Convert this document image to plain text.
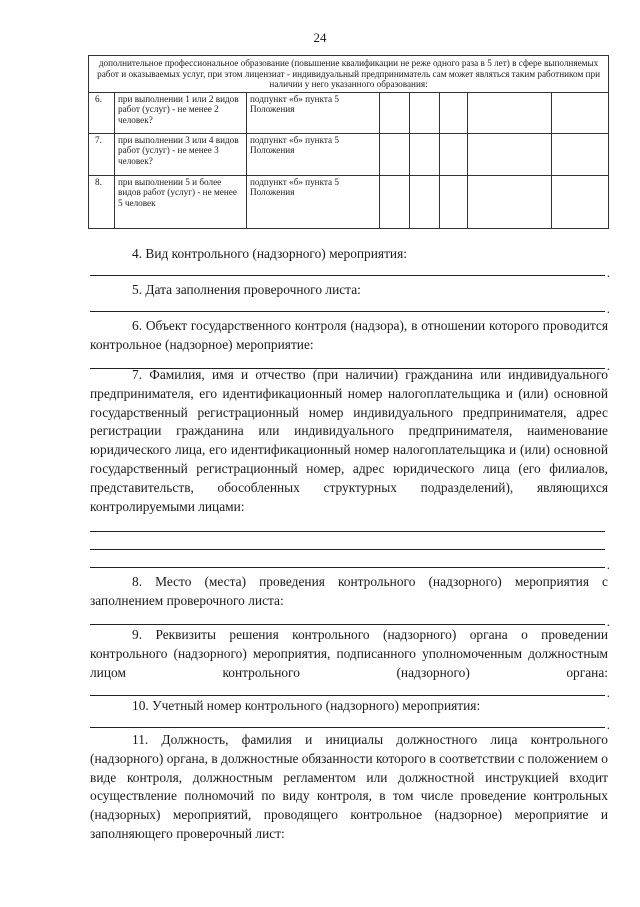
24
дополнительное профессиональное образование (повышение квалификации не реже одного раза в 5 лет) в сфере выполняемых работ и оказываемых услуг, при этом лицензиат - индивидуальный предприниматель сам может являться таким работником при наличии у него указанного образования:							
6.	при выполнении 1 или 2 видов работ (услуг) - не менее 2 человек?	подпункт «б» пункта 5 Положения					
7.	при выполнении 3 или 4 видов работ (услуг) - не менее 3 человек?	подпункт «б» пункта 5 Положения					
8.	при выполнении 5 и более видов работ (услуг) - не менее 5 человек	подпункт «б» пункта 5 Положения					

4. Вид контрольного (надзорного) мероприятия:

.

5. Дата заполнения проверочного листа:

.

6. Объект государственного контроля (надзора), в отношении которого проводится контрольное (надзорное) мероприятие:

.

7. Фамилия, имя и отчество (при наличии) гражданина или индивидуального предпринимателя, его идентификационный номер налогоплательщика и (или) основной государственный регистрационный номер индивидуального предпринимателя, адрес регистрации гражданина или индивидуального предпринимателя, наименование юридического лица, его идентификационный номер налогоплательщика и (или) основной государственный регистрационный номер, адрес юридического лица (его филиалов, представительств, обособленных структурных подразделений), являющихся контролируемыми лицами:

.

8. Место (места) проведения контрольного (надзорного) мероприятия с заполнением проверочного листа:

.

9. Реквизиты решения контрольного (надзорного) органа о проведении контрольного (надзорного) мероприятия, подписанного уполномоченным должностным лицом контрольного (надзорного) органа:

.

10. Учетный номер контрольного (надзорного) мероприятия:

.

11. Должность, фамилия и инициалы должностного лица контрольного (надзорного) органа, в должностные обязанности которого в соответствии с положением о виде контроля, должностным регламентом или должностной инструкцией входит осуществление полномочий по виду контроля, в том числе проведение контрольных (надзорных) мероприятий, проводящего контрольное (надзорное) мероприятие и заполняющего проверочный лист:
